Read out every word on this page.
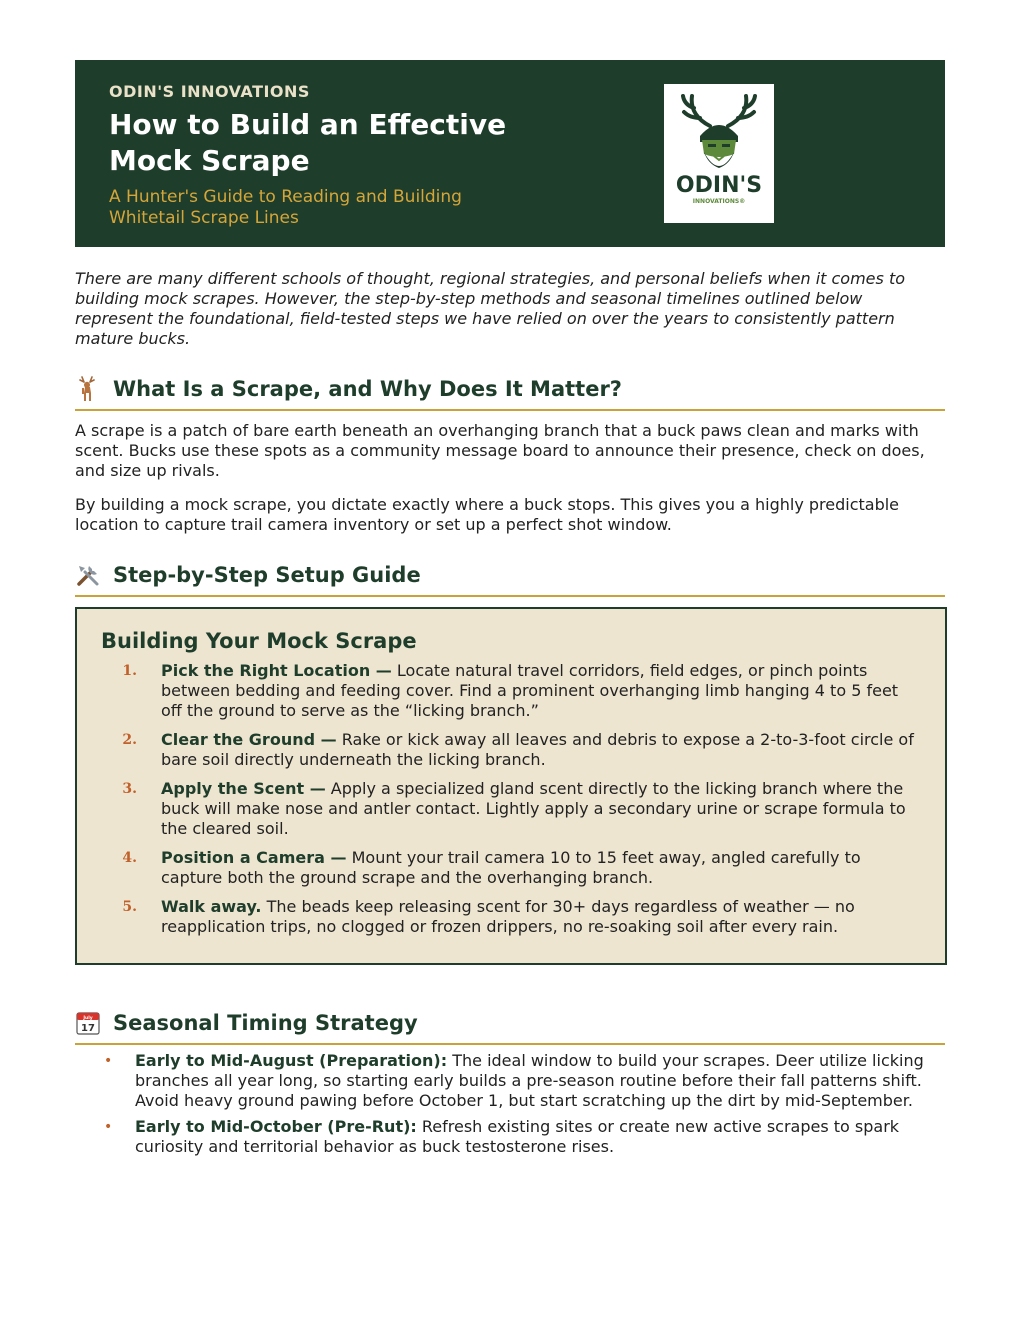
ODIN'S INNOVATIONS
How to Build an Effective Mock Scrape
A Hunter's Guide to Reading and Building Whitetail Scrape Lines
ODIN'S
INNOVATIONS®
There are many different schools of thought, regional strategies, and personal beliefs when it comes to building mock scrapes. However, the step-by-step methods and seasonal timelines outlined below represent the foundational, field-tested steps we have relied on over the years to consistently pattern mature bucks.
What Is a Scrape, and Why Does It Matter?

A scrape is a patch of bare earth beneath an overhanging branch that a buck paws clean and marks with scent. Bucks use these spots as a community message board to announce their presence, check on does, and size up rivals.

By building a mock scrape, you dictate exactly where a buck stops. This gives you a highly predictable location to capture trail camera inventory or set up a perfect shot window.

Step-by-Step Setup Guide
Building Your Mock Scrape
1.	Pick the Right Location — Locate natural travel corridors, field edges, or pinch points between bedding and feeding cover. Find a prominent overhanging limb hanging 4 to 5 feet off the ground to serve as the “licking branch.”
2.	Clear the Ground — Rake or kick away all leaves and debris to expose a 2-to-3-foot circle of bare soil directly underneath the licking branch.
3.	Apply the Scent — Apply a specialized gland scent directly to the licking branch where the buck will make nose and antler contact. Lightly apply a secondary urine or scrape formula to the cleared soil.
4.	Position a Camera — Mount your trail camera 10 to 15 feet away, angled carefully to capture both the ground scrape and the overhanging branch.
5.	Walk away. The beads keep releasing scent for 30+ days regardless of weather — no reapplication trips, no clogged or frozen drippers, no re-soaking soil after every rain.
July
17 Seasonal Timing Strategy
•	Early to Mid-August (Preparation): The ideal window to build your scrapes. Deer utilize licking branches all year long, so starting early builds a pre-season routine before their fall patterns shift. Avoid heavy ground pawing before October 1, but start scratching up the dirt by mid-September.
•	Early to Mid-October (Pre-Rut): Refresh existing sites or create new active scrapes to spark curiosity and territorial behavior as buck testosterone rises.
